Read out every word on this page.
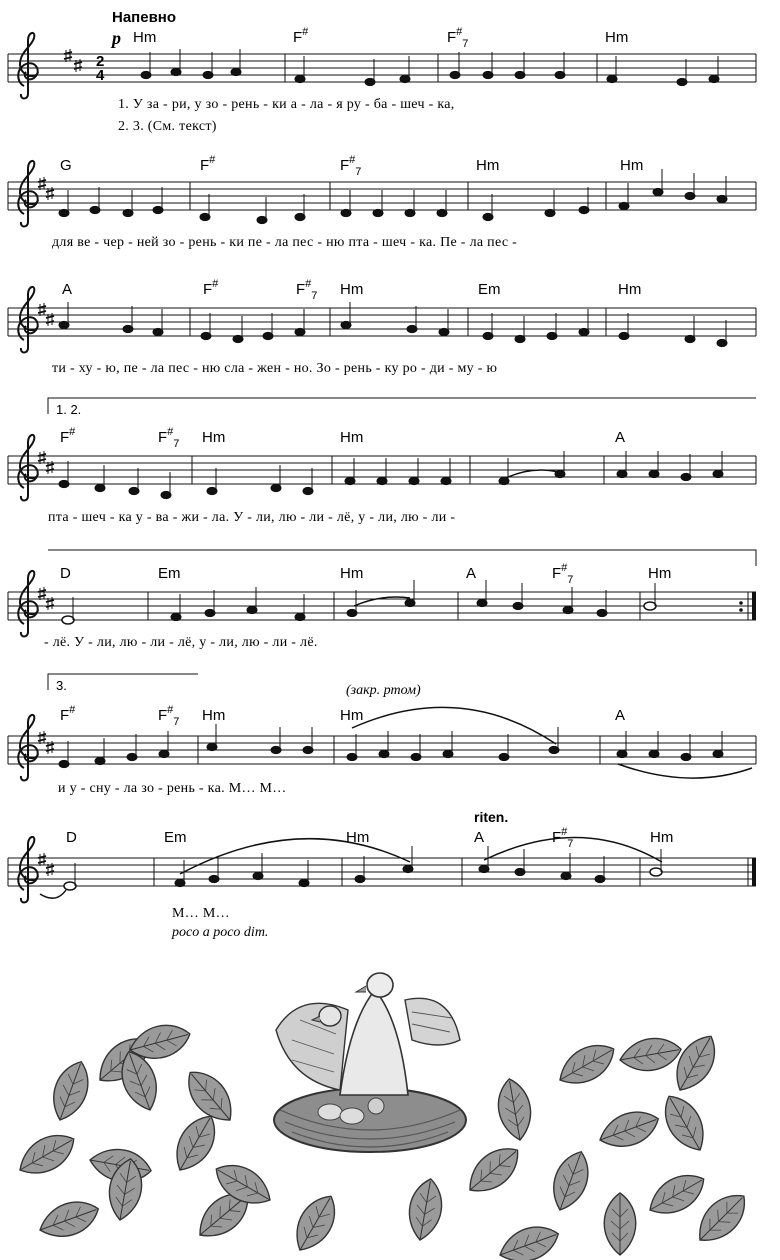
Напевно
p Hm	F#	$F^{\#}_7$	Hm
2
4
1. У за - ри, у зо - рень - ки а - ла - я ру - ба - шеч - ка,
2. 3. (См. текст)
G	F#	$F^{\#}_7$	Hm	Hm
для ве - чер - ней зо - рень - ки пе - ла пес - ню пта - шеч - ка. Пе - ла пес -
A	F#	$F^{\#}_7$ Hm	Em	Hm
ти - ху - ю, пе - ла пес - ню сла - жен - но. Зо - рень - ку ро - ди - му - ю
1. 2.
F#	$F^{\#}_7$ Hm	Hm	A
пта - шеч - ка у - ва - жи - ла. У - ли, лю - ли - лё, у - ли, лю - ли -
D	Em	Hm	A	$F^{\#}_7$	Hm
- лё. У - ли, лю - ли - лё, у - ли, лю - ли - лё.
3.	(закр. ртом)
F#	$F^{\#}_7$ Hm	Hm	A
и у - сну - ла зо - рень - ка. М… М…
riten.
D	Em	Hm	A	$F^{\#}_7$	Hm
М… М…
poco a poco dim.
